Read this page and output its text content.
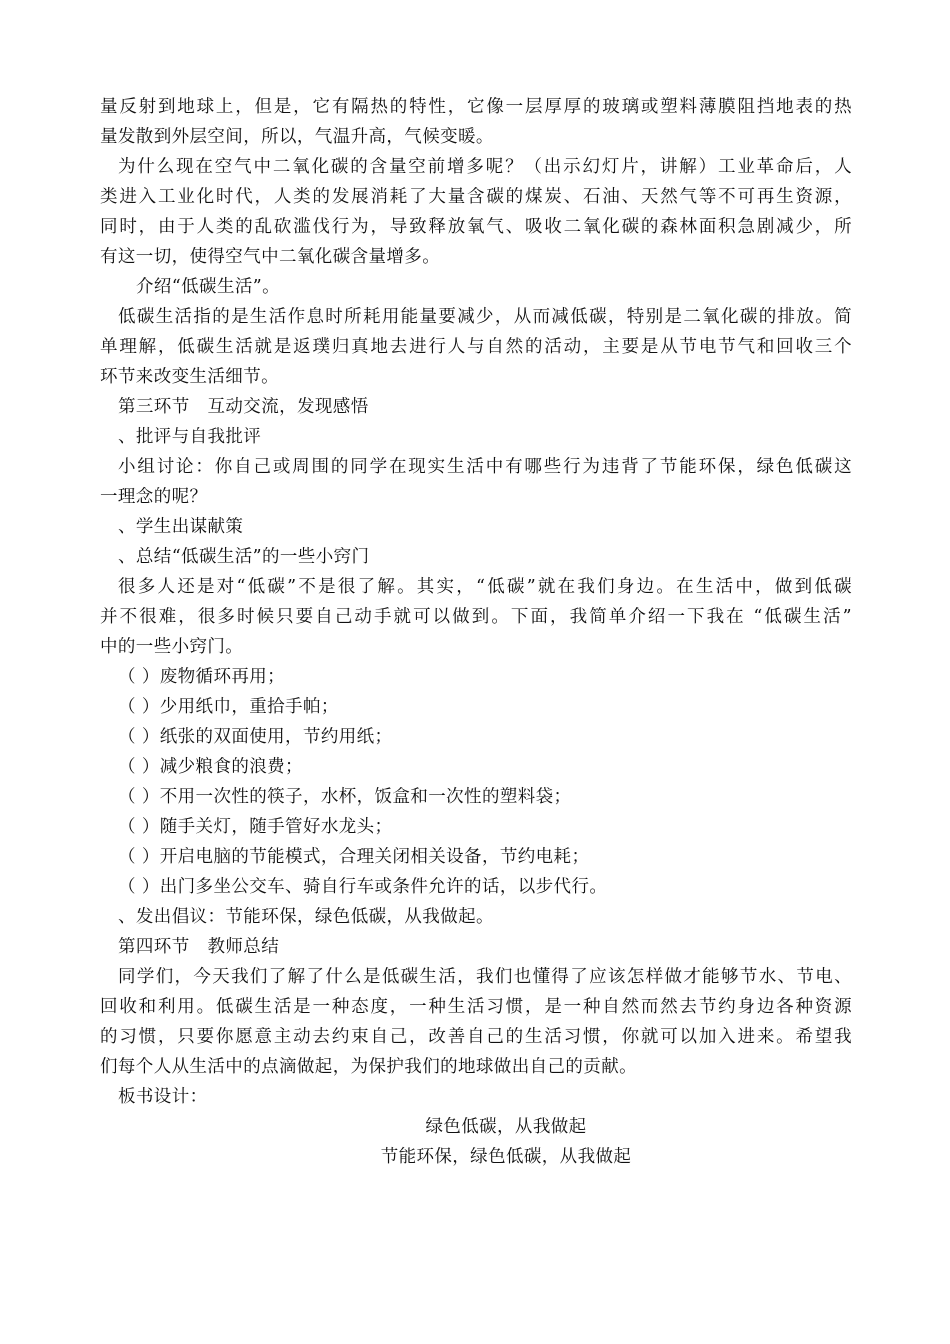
量反射到地球上，但是，它有隔热的特性，它像一层厚厚的玻璃或塑料薄膜阻挡地表的热
量发散到外层空间，所以，气温升高，气候变暖。
为什么现在空气中二氧化碳的含量空前增多呢？（出示幻灯片，讲解）工业革命后，人
类进入工业化时代，人类的发展消耗了大量含碳的煤炭、石油、天然气等不可再生资源，
同时，由于人类的乱砍滥伐行为，导致释放氧气、吸收二氧化碳的森林面积急剧减少，所
有这一切，使得空气中二氧化碳含量增多。
介绍“低碳生活”。
低碳生活指的是生活作息时所耗用能量要减少，从而减低碳，特别是二氧化碳的排放。简
单理解，低碳生活就是返璞归真地去进行人与自然的活动，主要是从节电节气和回收三个
环节来改变生活细节。
第三环节　互动交流，发现感悟
、批评与自我批评
小组讨论：你自己或周围的同学在现实生活中有哪些行为违背了节能环保，绿色低碳这
一理念的呢？
、学生出谋献策
、总结“低碳生活”的一些小窍门
很多人还是对“低碳”不是很了解。其实，“低碳”就在我们身边。在生活中，做到低碳
并不很难，很多时候只要自己动手就可以做到。下面，我简单介绍一下我在 “低碳生活”
中的一些小窍门。
（ ）废物循环再用；
（ ）少用纸巾，重拾手帕；
（ ）纸张的双面使用，节约用纸；
（ ）减少粮食的浪费；
（ ）不用一次性的筷子，水杯，饭盒和一次性的塑料袋；
（ ）随手关灯，随手管好水龙头；
（ ）开启电脑的节能模式，合理关闭相关设备，节约电耗；
（ ）出门多坐公交车、骑自行车或条件允许的话，以步代行。
、发出倡议：节能环保，绿色低碳，从我做起。
第四环节　教师总结
同学们，今天我们了解了什么是低碳生活，我们也懂得了应该怎样做才能够节水、节电、
回收和利用。低碳生活是一种态度，一种生活习惯，是一种自然而然去节约身边各种资源
的习惯，只要你愿意主动去约束自己，改善自己的生活习惯，你就可以加入进来。希望我
们每个人从生活中的点滴做起，为保护我们的地球做出自己的贡献。
板书设计：
绿色低碳，从我做起
节能环保，绿色低碳，从我做起
